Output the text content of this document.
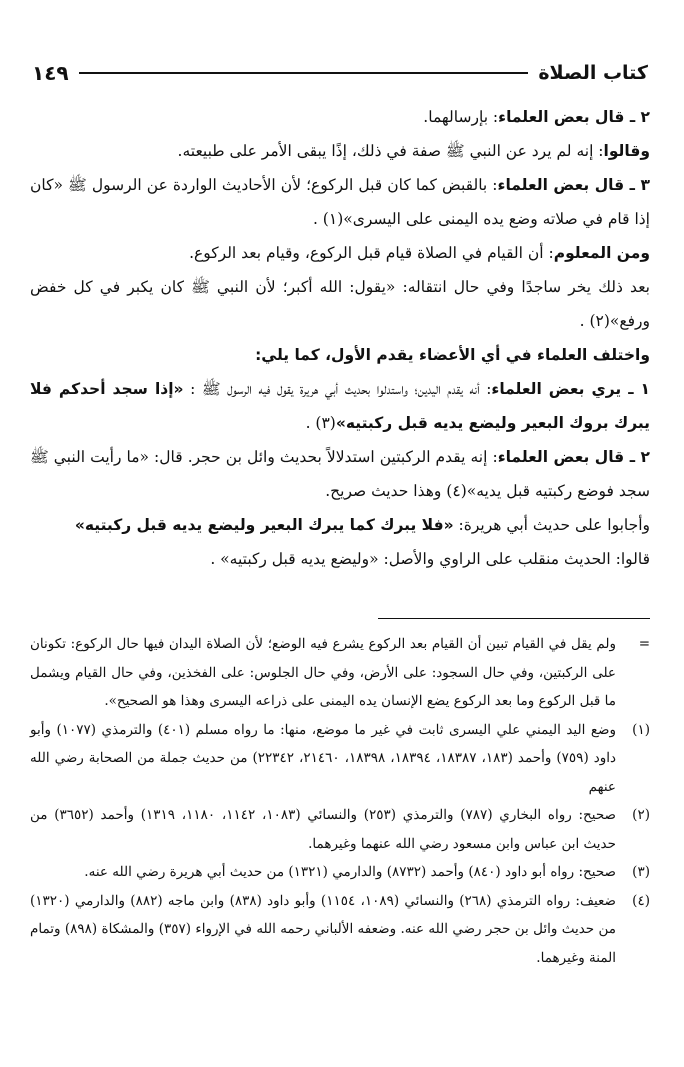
١٤٩	كتاب الصلاة

٢ ـ قال بعض العلماء: بإرسالهما.

وقالوا: إنه لم يرد عن النبي ﷺ صفة في ذلك، إذًا يبقى الأمر على طبيعته.

٣ ـ قال بعض العلماء: بالقبض كما كان قبل الركوع؛ لأن الأحاديث الواردة عن الرسول ﷺ «كان إذا قام في صلاته وضع يده اليمنى على اليسرى»(١) .

ومن المعلوم: أن القيام في الصلاة قيام قبل الركوع، وقيام بعد الركوع.

بعد ذلك يخر ساجدًا وفي حال انتقاله: «يقول: الله أكبر؛ لأن النبي ﷺ كان يكبر في كل خفض ورفع»(٢) .

واختلف العلماء في أي الأعضاء يقدم الأول، كما يلي:

١ ـ يري بعض العلماء: أنه يقدم اليدين؛ واستدلوا بحديث أبي هريرة يقول فيه الرسول ﷺ : «إذا سجد أحدكم فلا يبرك بروك البعير وليضع يديه قبل ركبتيه»(٣) .

٢ ـ قال بعض العلماء: إنه يقدم الركبتين استدلالاً بحديث وائل بن حجر. قال: «ما رأيت النبي ﷺ سجد فوضع ركبتيه قبل يديه»(٤) وهذا حديث صريح.

وأجابوا على حديث أبي هريرة: «فلا يبرك كما يبرك البعير وليضع يديه قبل ركبتيه»

قالوا: الحديث منقلب على الراوي والأصل: «وليضع يديه قبل ركبتيه» .

=
ولم يقل في القيام تبين أن القيام بعد الركوع يشرع فيه الوضع؛ لأن الصلاة اليدان فيها حال الركوع: تكونان على الركبتين، وفي حال السجود: على الأرض، وفي حال الجلوس: على الفخذين، وفي حال القيام ويشمل ما قبل الركوع وما بعد الركوع يضع الإنسان يده اليمنى على ذراعه اليسرى وهذا هو الصحيح».

(١)
وضع اليد اليمني علي اليسرى ثابت في غير ما موضع، منها: ما رواه مسلم (٤٠١) والترمذي (١٠٧٧) وأبو داود (٧٥٩) وأحمد (١٨٣، ١٨٣٨٧، ١٨٣٩٤، ١٨٣٩٨، ٢١٤٦٠، ٢٢٣٤٢) من حديث جملة من الصحابة رضي الله عنهم

(٢)
صحيح: رواه البخاري (٧٨٧) والترمذي (٢٥٣) والنسائي (١٠٨٣، ١١٤٢، ١١٨٠، ١٣١٩) وأحمد (٣٦٥٢) من حديث ابن عباس وابن مسعود رضي الله عنهما وغيرهما.

(٣)
صحيح: رواه أبو داود (٨٤٠) وأحمد (٨٧٣٢) والدارمي (١٣٢١) من حديث أبي هريرة رضي الله عنه.

(٤)
ضعيف: رواه الترمذي (٢٦٨) والنسائي (١٠٨٩، ١١٥٤) وأبو داود (٨٣٨) وابن ماجه (٨٨٢) والدارمي (١٣٢٠) من حديث وائل بن حجر رضي الله عنه. وضعفه الألباني رحمه الله في الإرواء (٣٥٧) والمشكاة (٨٩٨) وتمام المنة وغيرهما.
